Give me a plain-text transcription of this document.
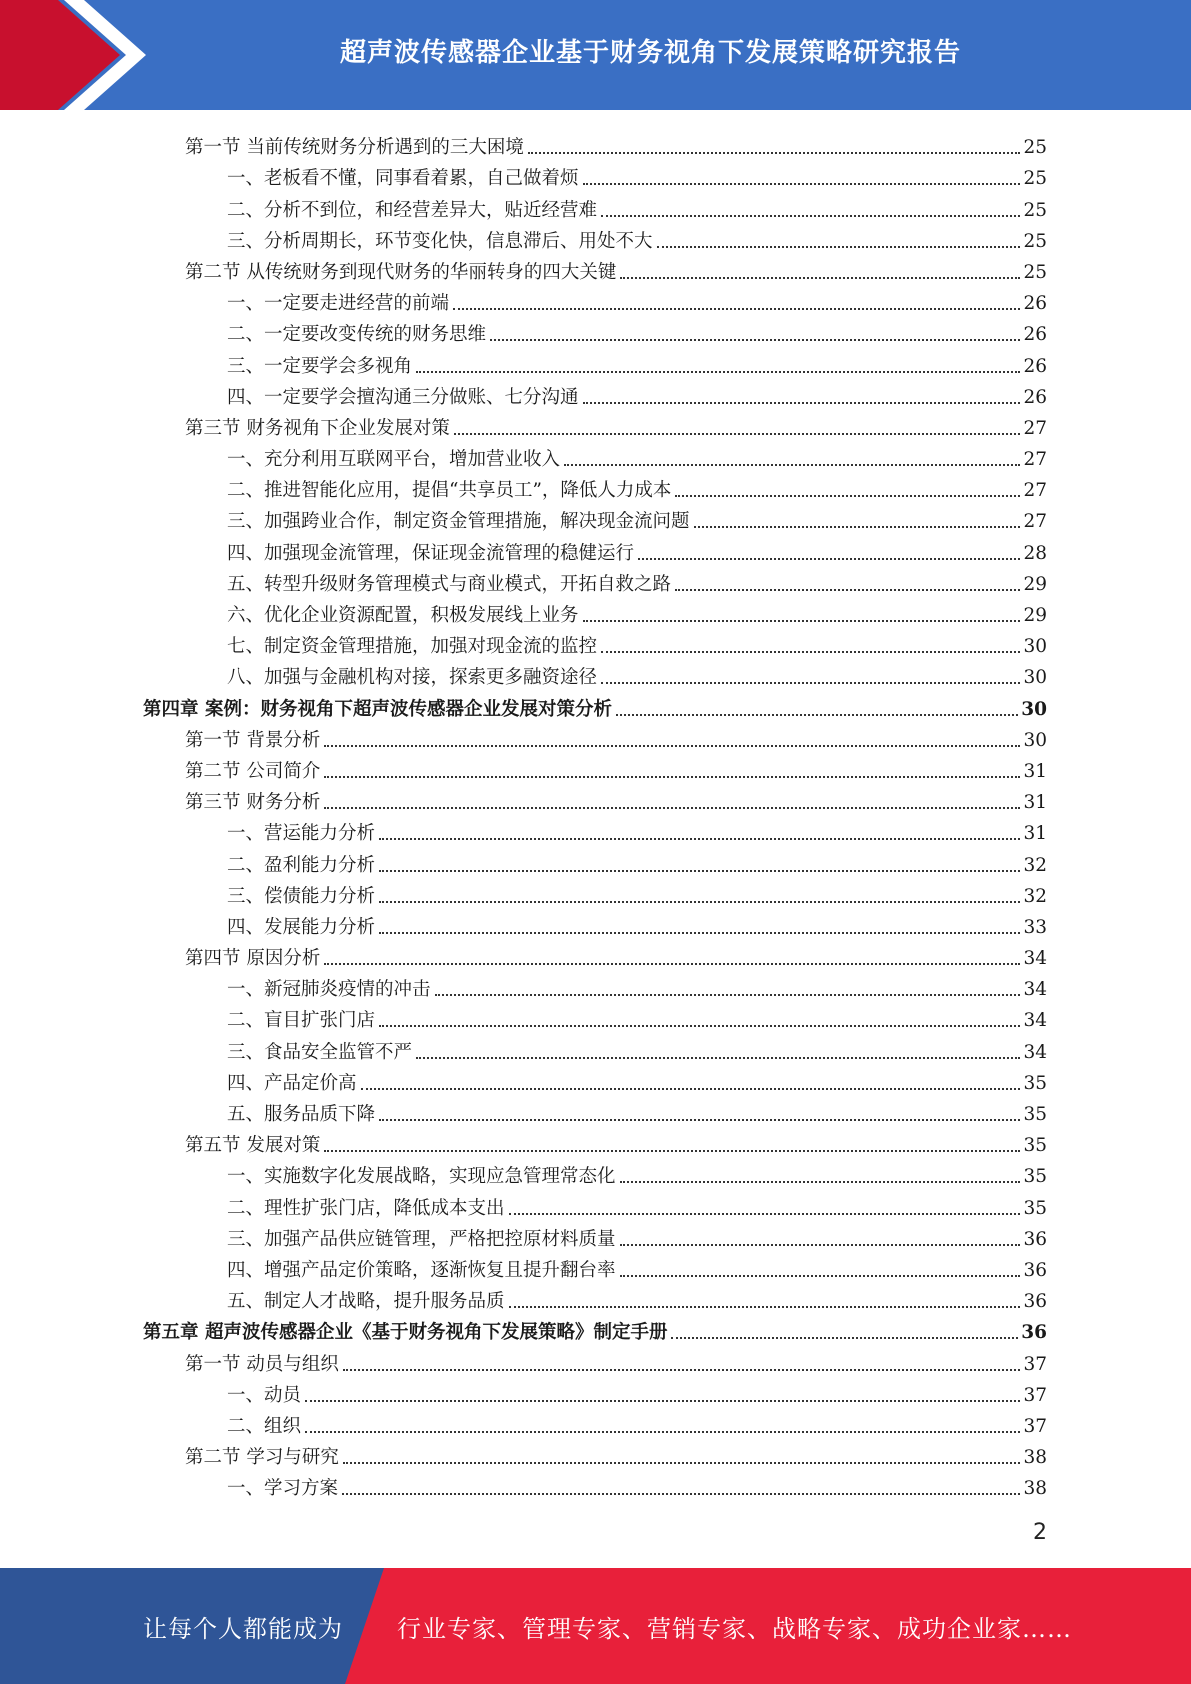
超声波传感器企业基于财务视角下发展策略研究报告
第一节 当前传统财务分析遇到的三大困境	25
一、老板看不懂，同事看着累，自己做着烦	25
二、分析不到位，和经营差异大，贴近经营难	25
三、分析周期长，环节变化快，信息滞后、用处不大	25
第二节 从传统财务到现代财务的华丽转身的四大关键	25
一、一定要走进经营的前端	26
二、一定要改变传统的财务思维	26
三、一定要学会多视角	26
四、一定要学会擅沟通三分做账、七分沟通	26
第三节 财务视角下企业发展对策	27
一、充分利用互联网平台，增加营业收入	27
二、推进智能化应用，提倡“共享员工”，降低人力成本	27
三、加强跨业合作，制定资金管理措施，解决现金流问题	27
四、加强现金流管理，保证现金流管理的稳健运行	28
五、转型升级财务管理模式与商业模式，开拓自救之路	29
六、优化企业资源配置，积极发展线上业务	29
七、制定资金管理措施，加强对现金流的监控	30
八、加强与金融机构对接，探索更多融资途径	30
第四章 案例：财务视角下超声波传感器企业发展对策分析	30
第一节 背景分析	30
第二节 公司简介	31
第三节 财务分析	31
一、营运能力分析	31
二、盈利能力分析	32
三、偿债能力分析	32
四、发展能力分析	33
第四节 原因分析	34
一、新冠肺炎疫情的冲击	34
二、盲目扩张门店	34
三、食品安全监管不严	34
四、产品定价高	35
五、服务品质下降	35
第五节 发展对策	35
一、实施数字化发展战略，实现应急管理常态化	35
二、理性扩张门店，降低成本支出	35
三、加强产品供应链管理，严格把控原材料质量	36
四、增强产品定价策略，逐渐恢复且提升翻台率	36
五、制定人才战略，提升服务品质	36
第五章 超声波传感器企业《基于财务视角下发展策略》制定手册	36
第一节 动员与组织	37
一、动员	37
二、组织	37
第二节 学习与研究	38
一、学习方案	38
2
让每个人都能成为 行业专家、管理专家、营销专家、战略专家、成功企业家……
